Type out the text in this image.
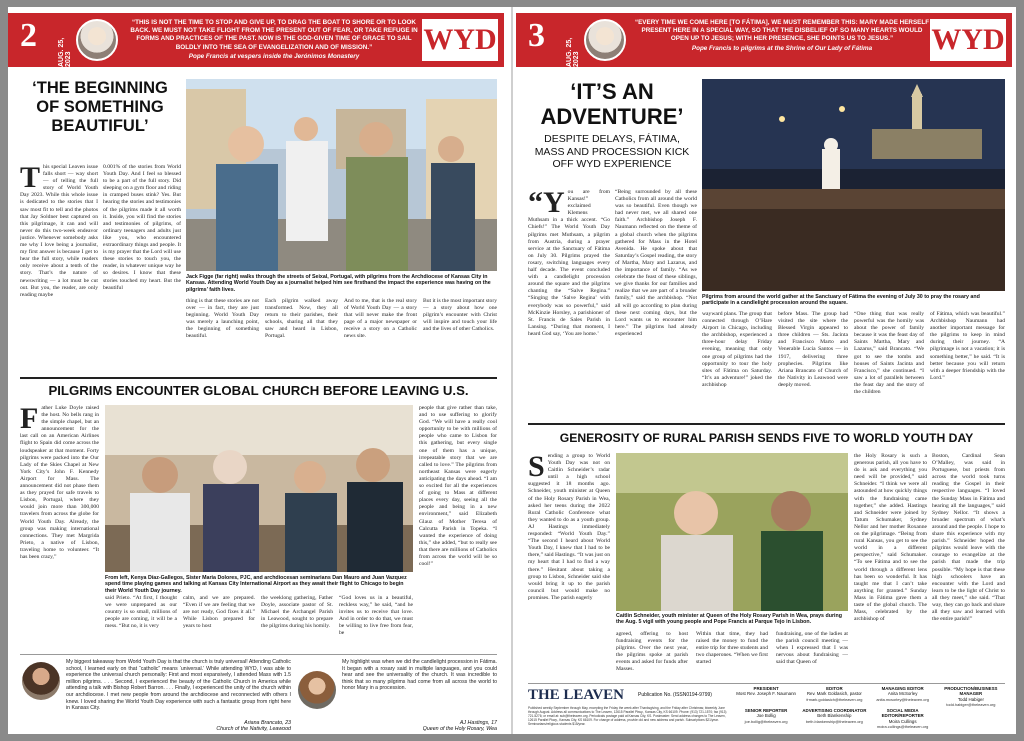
2	AUG. 25, 2023
“THIS IS NOT THE TIME TO STOP AND GIVE UP, TO DRAG THE BOAT TO SHORE OR TO LOOK BACK. WE MUST NOT TAKE FLIGHT FROM THE PRESENT OUT OF FEAR, OR TAKE REFUGE IN FORMS AND PRACTICES OF THE PAST. NOW IS THE GOD-GIVEN TIME OF GRACE TO SAIL BOLDLY INTO THE SEA OF EVANGELIZATION AND OF MISSION.”
Pope Francis at vespers inside the Jerónimos Monastery
WYD
‘THE BEGINNING OF SOMETHING BEAUTIFUL’
This special Leaven issue falls short — way short — of telling the full story of World Youth Day 2023. While this whole issue is dedicated to the stories that I saw most fit to tell and the photos that Jay Soldner best captured on this pilgrimage, it can and will never do this two-week endeavor justice. Whenever somebody asks me why I love being a journalist, my first answer is because I get to hear the full story, while readers only receive about a tenth of the story. That’s the nature of newswriting — a lot must be cut out. But you, the reader, are only reading maybe
0.001% of the stories from World Youth Day. And I feel so blessed to be a part of the full story. Did sleeping on a gym floor and riding in cramped buses stink? Yes. But hearing the stories and testimonies of the pilgrims made it all worth it. Inside, you will find the stories and testimonies of pilgrims, of ordinary teenagers and adults just like you, who encountered extraordinary things and people. It is my prayer that the Lord will use these stories to touch you, the reader, in whatever unique way he so desires. I know that these stories touched my heart. But the beautiful
Jack Figge (far right) walks through the streets of Seixal, Portugal, with pilgrims from the Archdiocese of Kansas City in Kansas. Attending World Youth Day as a journalist helped him see firsthand the impact the experience was having on the pilgrims’ faith lives.
thing is that these stories are not over — in fact, they are just beginning. World Youth Day was merely a launching point, the beginning of something beautiful.
Each pilgrim walked away transformed. Now, they all return to their parishes, their schools, sharing all that they saw and heard in Lisbon, Portugal.
And to me, that is the real story of World Youth Day — a story that will never make the front page of a major newspaper or receive a story on a Catholic news site.
But it is the most important story — a story about how one pilgrim’s encounter with Christ will inspire and touch your life and the lives of other Catholics.
PILGRIMS ENCOUNTER GLOBAL CHURCH BEFORE LEAVING U.S.
Father Luke Doyle raised the host. No bells rang in the simple chapel, but an announcement for the last call on an American Airlines flight to Spain did come across the loudspeaker at that moment. Forty pilgrims were packed into the Our Lady of the Skies Chapel at New York City’s John F. Kennedy Airport for Mass. The announcement did not phase them as they prayed for safe travels to Lisbon, Portugal, where they would join more than 300,000 travelers from across the globe for World Youth Day. Already, the group was making international connections. They met Margrida Prieto, a native of Lisbon, traveling home to volunteer. “It has been crazy,”
From left, Kenya Díaz-Gallegos, Sister Maria Dolores, PJC, and archdiocesan seminarians Dan Mauro and Juan Vazquez spend time playing games and talking at Kansas City International Airport as they await their flight to Chicago to begin their World Youth Day journey.
said Prieto. “At first, I thought we were unprepared as our country is so small, millions of people are coming, it will be a mess. “But no, it is very
calm, and we are prepared. “Even if we are feeling that we are not ready, God fixes it all.” While Lisbon prepared for years to host
the weeklong gathering, Father Doyle, associate pastor of St. Michael the Archangel Parish in Leawood, sought to prepare the pilgrims during his homily.
“God loves us in a beautiful, reckless way,” he said, “and he invites us to receive that love. And in order to do that, we must be willing to live free from fear, be
people that give rather than take, and to use suffering to glorify God. “We will have a really cool opportunity to be with millions of people who came to Lisbon for this gathering, but every single one of them has a unique, irrepeatable story that we are called to love.” The pilgrims from northeast Kansas were eagerly anticipating the days ahead. “I am so excited for all the experiences of going to Mass at different places every day, seeing all the people and being in a new environment,” said Elizabeth Glauz of Mother Teresa of Calcutta Parish in Topeka. “I wanted the experience of doing this,” she added, “but to really see that there are millions of Catholics from across the world will be so cool!”
My biggest takeaway from World Youth Day is that the church is truly universal! Attending Catholic school, I learned early on that “catholic” means ‘universal.’ While attending WYD, I was able to experience the universal church personally: First and most expansively, I attended Mass with 1.5 million pilgrims. . . . Second, I experienced the beauty of the Catholic Church in America while attending a talk with Bishop Robert Barron. . . . Finally, I experienced the unity of the church within our archdiocese. I met new people from around the archdiocese and reconnected with others I knew. I loved sharing the World Youth Day experience with such a fantastic group from right here in Kansas City.
Ariana Brancato, 23
Church of the Nativity, Leawood
My highlight was when we did the candlelight procession in Fátima. It began with a rosary said in multiple languages, and you could hear and see the universality of the church. It was incredible to think that so many pilgrims had come from all across the world to honor Mary in a procession.
AJ Hastings, 17
Queen of the Holy Rosary, Wea
3	AUG. 25, 2023
“EVERY TIME WE COME HERE [TO FÁTIMA], WE MUST REMEMBER THIS: MARY MADE HERSELF PRESENT HERE IN A SPECIAL WAY, SO THAT THE DISBELIEF OF SO MANY HEARTS WOULD OPEN UP TO JESUS; WITH HER PRESENCE, SHE POINTS US TO JESUS.”
Pope Francis to pilgrims at the Shrine of Our Lady of Fátima	WYD
‘IT’S AN ADVENTURE’
DESPITE DELAYS, FÁTIMA, MASS AND PROCESSION KICK OFF WYD EXPERIENCE
“You are from Kansas!” exclaimed Klemens Muthsam in a thick accent. “Go Chiefs!” The World Youth Day pilgrims met Muthsam, a pilgrim from Austria, during a prayer service at the Sanctuary of Fátima on July 30. Pilgrims prayed the rosary, switching languages every half decade. The event concluded with a candlelight procession around the square and the pilgrims chanting the “Salve Regina.” “Singing the ‘Salve Regina’ with everybody was so powerful,” said McKinzie Horsley, a parishioner of St. Francis de Sales Parish in Lansing. “During that moment, I heard God say, ‘You are home.’
“Being surrounded by all these Catholics from all around the world was so beautiful. Even though we had never met, we all shared one faith.” Archbishop Joseph F. Naumann reflected on the theme of a global church when the pilgrims gathered for Mass in the Hotel Avenida. He spoke about that Saturday’s Gospel reading, the story of Martha, Mary and Lazarus, and the importance of family. “As we celebrate the feast of these siblings, we give thanks for our families and realize that we are part of a broader family,” said the archbishop. “Not all will go according to plan during these next coming days, but the Lord wants us to encounter him here.” The pilgrims had already experienced
Pilgrims from around the world gather at the Sanctuary of Fátima the evening of July 30 to pray the rosary and participate in a candlelight procession around the square.
wayward plans. The group that connected through O’Hare Airport in Chicago, including the archbishop, experienced a three-hour delay Friday evening, meaning that only one group of pilgrims had the opportunity to tour the holy sites of Fátima on Saturday. “It’s an adventure!” joked the archbishop
before Mass. The group had visited the site where the Blessed Virgin appeared to three children — Sts. Jacinta and Francisco Marto and Venerable Lucia Santos — in 1917, delivering three prophecies. Pilgrims like Ariana Brancato of Church of the Nativity in Leawood were deeply moved.
“One thing that was really powerful was the homily was about the power of family because it was the feast day of Saints Martha, Mary and Lazarus,” said Brancato. “We got to see the tombs and houses of Saints Jacinta and Francisco,” she continued. “I saw a lot of parallels between the feast day and the story of the children
of Fátima, which was beautiful.” Archbishop Naumann had another important message for the pilgrims to keep in mind during their journey. “A pilgrimage is not a vacation; it is something better,” he said. “It is better because you will return with a deeper friendship with the Lord.”
GENEROSITY OF RURAL PARISH SENDS FIVE TO WORLD YOUTH DAY
Sending a group to World Youth Day was not on Caitlin Schneider’s radar until a high school suggested it 18 months ago. Schneider, youth minister at Queen of the Holy Rosary Parish in Wea, asked her teens during the 2022 Rural Catholic Conference what they wanted to do as a youth group. AJ Hastings immediately responded: “World Youth Day.” “The second I heard about World Youth Day, I knew that I had to be there,” said Hastings. “It was just on my heart that I had to find a way there.” Hesitant about taking a group to Lisbon, Schneider said she would bring it up to the parish council but would make no promises. The parish eagerly
Caitlin Schneider, youth minister at Queen of the Holy Rosary Parish in Wea, prays during the Aug. 5 vigil with young people and Pope Francis at Parque Tejo in Lisbon.
agreed, offering to host fundraising events for the pilgrims. Over the next year, the pilgrims spoke at parish events and asked for funds after Masses.
Within that time, they had raised the money to fund the entire trip for three students and two chaperones. “When we first started
fundraising, one of the ladies at the parish council meeting — when I expressed that I was nervous about fundraising — said that Queen of
the Holy Rosary is such a generous parish, all you have to do is ask and everything you need will be provided,” said Schneider. “I think we were all astounded at how quickly things with the fundraising came together,” she added. Hastings and Schneider were joined by Tatum Schumaker, Sydney Nellor and her mother Roxanne on the pilgrimage. “Being from rural Kansas, you get to see the world in a different perspective,” said Schumaker. “To see Fátima and to see the world through a different lens has been so wonderful. It has taught me that I can’t take anything for granted.” Sunday Mass in Fátima gave them a taste of the global church. The Mass, celebrated by the archbishop of
Boston, Cardinal Sean O’Malley, was said in Portuguese, but priests from across the world took turns reading the Gospel in their respective languages. “I loved the Sunday Mass in Fátima and hearing all the languages,” said Sydney Nellor. “It shows a broader spectrum of what’s around and the people. I hope to share this experience with my parish.” Schneider hoped the pilgrims would leave with the courage to evangelize at the parish that made the trip possible. “My hope is that these high schoolers have an encounter with the Lord and learn to be the light of Christ to all they meet,” she said. “That way, they can go back and share all they saw and learned with the entire parish!”
THE LEAVEN	Publication No. (ISSN0194-9799)
Published weekly September through May, excepting the Friday the week after Thanksgiving, and the Friday after Christmas; biweekly June through August. Address all communications to The Leaven, 12615 Parallel Pkwy., Kansas City, KS 66109. Phone: (913) 721-1570; fax (913) 721-5276; or email at: sub@theleaven.org. Periodicals postage paid at Kansas City, KS. Postmaster: Send address changes to The Leaven, 12615 Parallel Pkwy., Kansas City, KS 66109. For change of address, provide old and new address and parish. Subscriptions $21/year. Seminarians/religious students $15/year.
PRESIDENT
Most Rev. Joseph F. Naumann
EDITOR
Rev. Mark Goldasich, pastor
frmark.goldasich@theleaven.org
MANAGING EDITOR
Anita McSorley
anita.mcsorley@theleaven.org
PRODUCTION/BUSINESS MANAGER
Todd Habiger
todd.habiger@theleaven.org
SENIOR REPORTER
Joe Bollig
joe.bollig@theleaven.org
ADVERTISING COORDINATOR
Beth Blankenship
beth.blankenship@theleaven.org
SOCIAL MEDIA EDITOR/REPORTER
Moira Cullings
moira.cullings@theleaven.org
